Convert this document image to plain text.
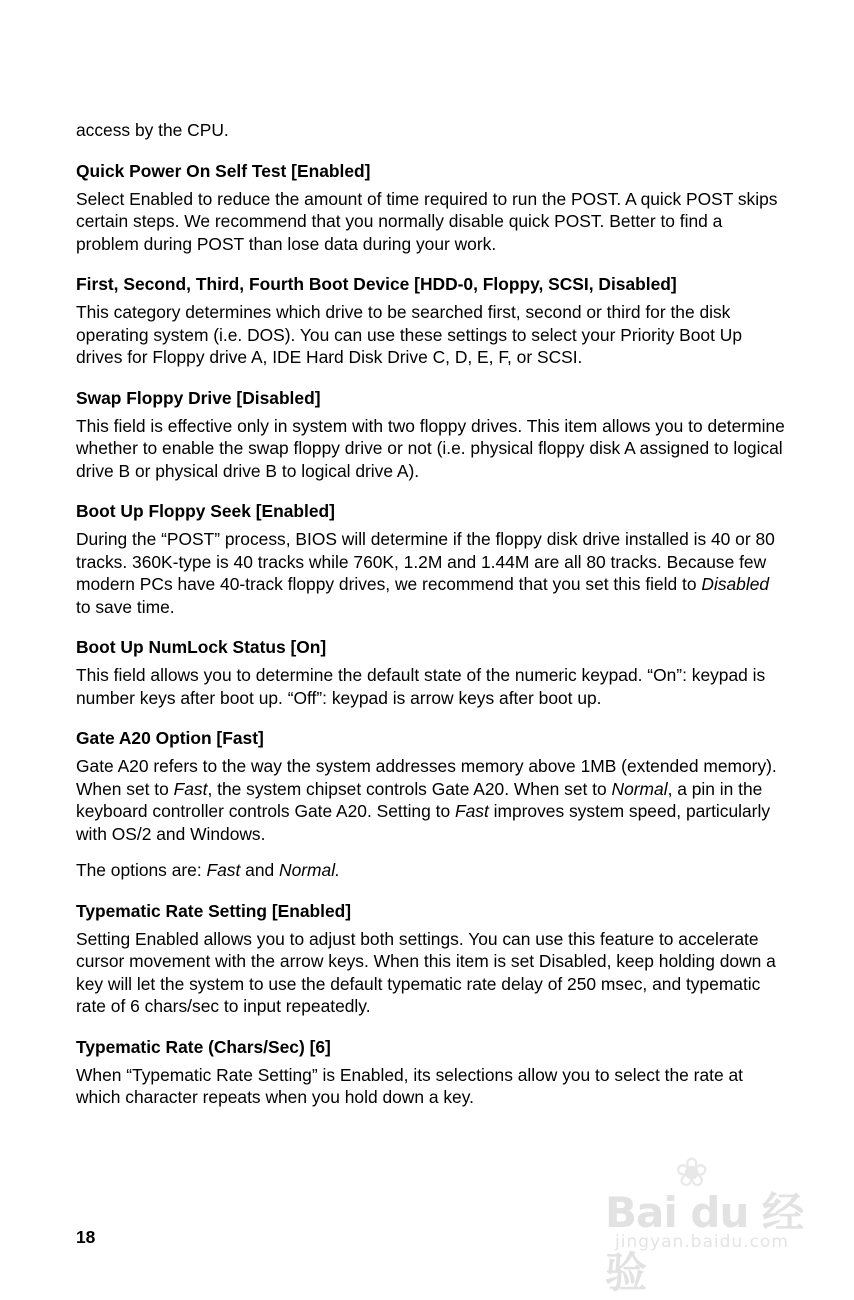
access by the CPU.

Quick Power On Self Test [Enabled]

Select Enabled to reduce the amount of time required to run the POST. A quick POST skips certain steps. We recommend that you normally disable quick POST. Better to find a problem during POST than lose data during your work.

First, Second, Third, Fourth Boot Device [HDD-0, Floppy, SCSI, Disabled]

This category determines which drive to be searched first, second or third for the disk operating system (i.e. DOS). You can use these settings to select your Priority Boot Up drives for Floppy drive A, IDE Hard Disk Drive C, D, E, F, or SCSI.

Swap Floppy Drive [Disabled]

This field is effective only in system with two floppy drives. This item allows you to determine whether to enable the swap floppy drive or not (i.e. physical floppy disk A assigned to logical drive B or physical drive B to logical drive A).

Boot Up Floppy Seek [Enabled]

During the “POST” process, BIOS will determine if the floppy disk drive installed is 40 or 80 tracks. 360K-type is 40 tracks while 760K, 1.2M and 1.44M are all 80 tracks. Because few modern PCs have 40-track floppy drives, we recommend that you set this field to Disabled to save time.

Boot Up NumLock Status [On]

This field allows you to determine the default state of the numeric keypad. “On”: keypad is number keys after boot up. “Off”: keypad is arrow keys after boot up.

Gate A20 Option [Fast]

Gate A20 refers to the way the system addresses memory above 1MB (extended memory). When set to Fast, the system chipset controls Gate A20. When set to Normal, a pin in the keyboard controller controls Gate A20. Setting to Fast improves system speed, particularly with OS/2 and Windows.

The options are: Fast and Normal.

Typematic Rate Setting [Enabled]

Setting Enabled allows you to adjust both settings. You can use this feature to accelerate cursor movement with the arrow keys. When this item is set Disabled, keep holding down a key will let the system to use the default typematic rate delay of 250 msec, and typematic rate of 6 chars/sec to input repeatedly.

Typematic Rate (Chars/Sec) [6]

When “Typematic Rate Setting” is Enabled, its selections allow you to select the rate at which character repeats when you hold down a key.

18
❀
Bai du 经验
jingyan.baidu.com
